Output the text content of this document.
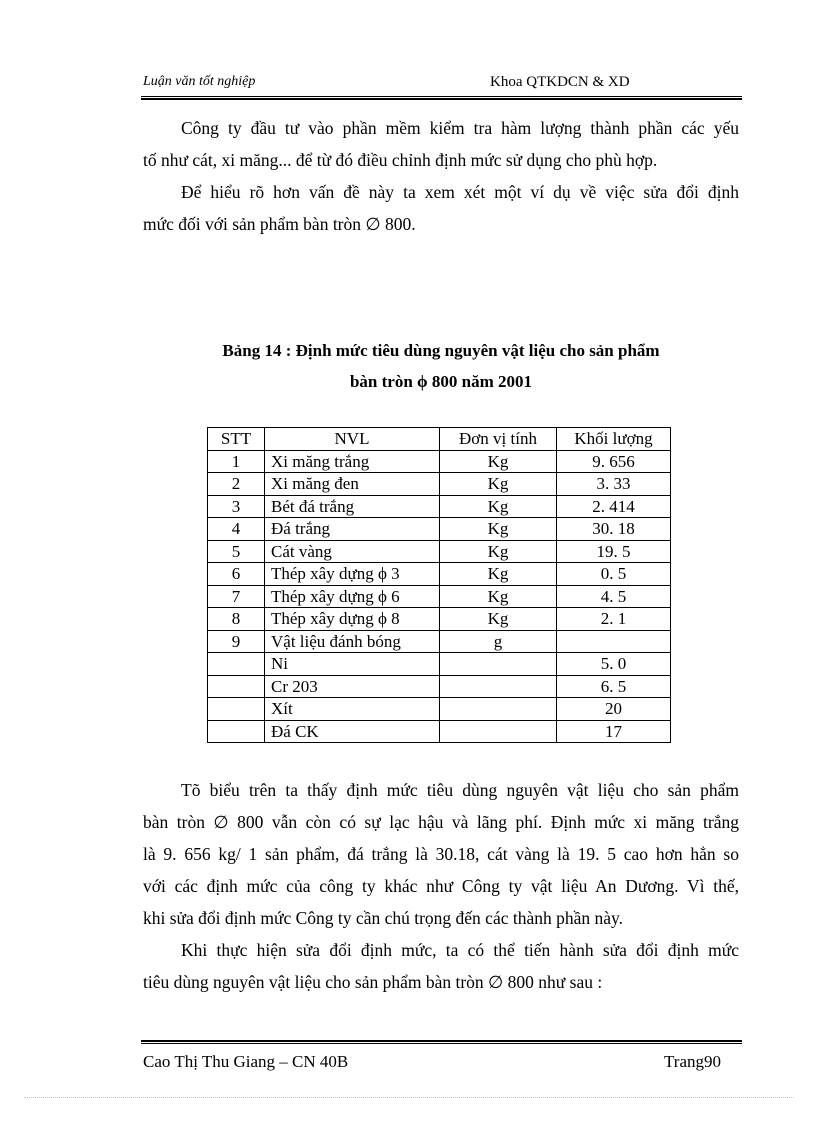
Luận văn tốt nghiệp	Khoa QTKDCN & XD
Công ty đầu tư vào phần mềm kiểm tra hàm lượng thành phần các yếu
tố như cát, xi măng... để từ đó điều chỉnh định mức sử dụng cho phù hợp.
Để hiểu rõ hơn vấn đề này ta xem xét một ví dụ về việc sửa đổi định
mức đối với sản phẩm bàn tròn ∅ 800.
Bảng 14 : Định mức tiêu dùng nguyên vật liệu cho sản phẩm
bàn tròn ϕ 800 năm 2001
STT	NVL	Đơn vị tính	Khối lượng
1	Xi măng trắng	Kg	9. 656
2	Xi măng đen	Kg	3. 33
3	Bét đá trắng	Kg	2. 414
4	Đá trắng	Kg	30. 18
5	Cát vàng	Kg	19. 5
6	Thép xây dựng ϕ 3	Kg	0. 5
7	Thép xây dựng ϕ 6	Kg	4. 5
8	Thép xây dựng ϕ 8	Kg	2. 1
9	Vật liệu đánh bóng	g	
	Ni		5. 0
	Cr 203		6. 5
	Xít		20
	Đá CK		17
Tõ biểu trên ta thấy định mức tiêu dùng nguyên vật liệu cho sản phẩm
bàn tròn ∅ 800 vẫn còn có sự lạc hậu và lãng phí. Định mức xi măng trắng
là 9. 656 kg/ 1 sản phẩm, đá trắng là 30.18, cát vàng là 19. 5 cao hơn hẳn so
với các định mức của công ty khác như Công ty vật liệu An Dương. Vì thế,
khi sửa đổi định mức Công ty cần chú trọng đến các thành phần này.
Khi thực hiện sửa đổi định mức, ta có thể tiến hành sửa đổi định mức
tiêu dùng nguyên vật liệu cho sản phẩm bàn tròn ∅ 800 như sau :
Cao Thị Thu Giang – CN 40B	Trang90
